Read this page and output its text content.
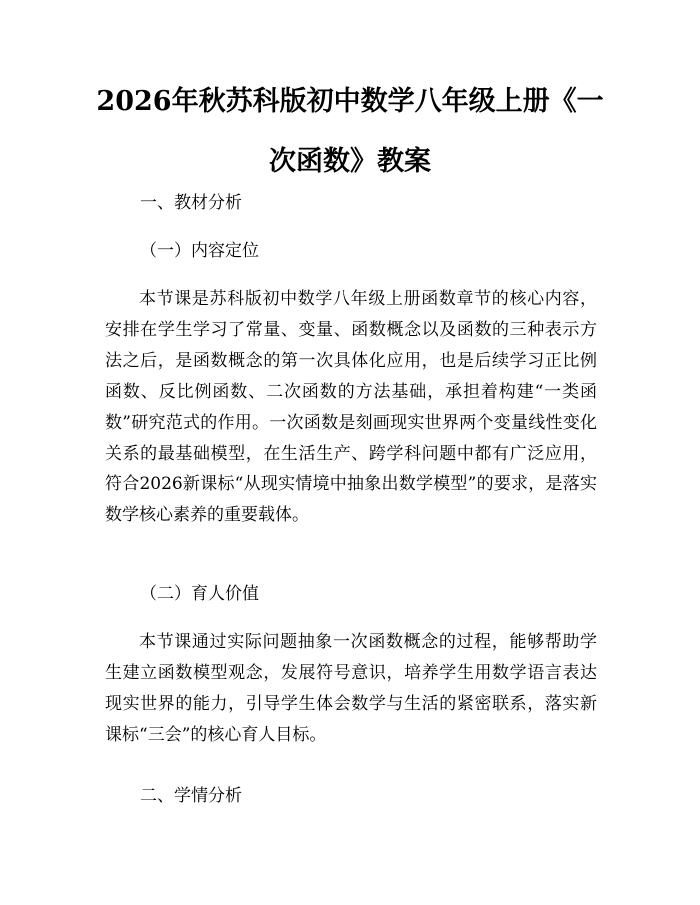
2026年秋苏科版初中数学八年级上册《一次函数》教案

一、教材分析

（一）内容定位

本节课是苏科版初中数学八年级上册函数章节的核心内容，安排在学生学习了常量、变量、函数概念以及函数的三种表示方法之后，是函数概念的第一次具体化应用，也是后续学习正比例函数、反比例函数、二次函数的方法基础，承担着构建“一类函数”研究范式的作用。一次函数是刻画现实世界两个变量线性变化关系的最基础模型，在生活生产、跨学科问题中都有广泛应用，符合2026新课标“从现实情境中抽象出数学模型”的要求，是落实数学核心素养的重要载体。

（二）育人价值

本节课通过实际问题抽象一次函数概念的过程，能够帮助学生建立函数模型观念，发展符号意识，培养学生用数学语言表达现实世界的能力，引导学生体会数学与生活的紧密联系，落实新课标“三会”的核心育人目标。

二、学情分析
